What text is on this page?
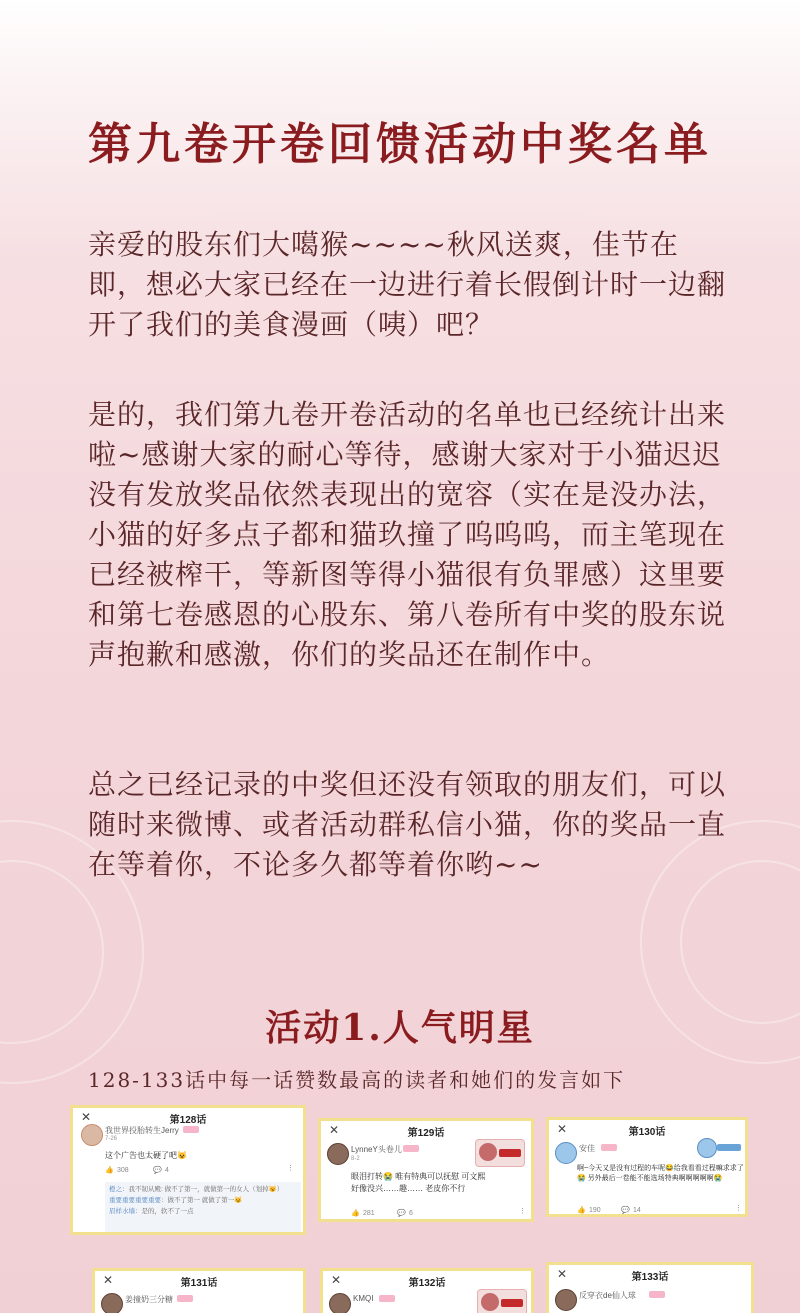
第九卷开卷回馈活动中奖名单
亲爱的股东们大噶猴~~~~秋风送爽，佳节在即，想必大家已经在一边进行着长假倒计时一边翻开了我们的美食漫画（咦）吧？
是的，我们第九卷开卷活动的名单也已经统计出来啦~感谢大家的耐心等待，感谢大家对于小猫迟迟没有发放奖品依然表现出的宽容（实在是没办法，小猫的好多点子都和猫玖撞了呜呜呜，而主笔现在已经被榨干，等新图等得小猫很有负罪感）这里要和第七卷感恩的心股东、第八卷所有中奖的股东说声抱歉和感激，你们的奖品还在制作中。
总之已经记录的中奖但还没有领取的朋友们，可以随时来微博、或者活动群私信小猫，你的奖品一直在等着你，不论多久都等着你哟~~
活动1.人气明星
128-133话中每一话赞数最高的读者和她们的发言如下
✕	第128话
我世界投胎转生Jerry
7-26
这个广告也太硬了吧😺
👍 308	💬 4	⋮
橙之：我不韧从殿: 做不了第一，就做第一的女人（划掉😼）
重要重要重要重要：做不了第一 就做了第一😼
眉样水墙：是的，软不了一点
✕	第129话
LynneY头卷儿
8-2
眼泪打转😭 唯有特典可以抚慰 可文熙好像没兴……趣…… 老皮你不行
👍 281	💬 6	⋮
✕	第130话
安佳
啊~今天又是没有过程的车呢😂给我看看过程嘛求求了😭 另外最后一卷能不能选场特典啊啊啊啊啊😭
👍 190	💬 14	⋮
✕	第131话
姜撞奶三分糖
✕	第132话
KMQI
✕	第133话
反穿衣de仙人球
